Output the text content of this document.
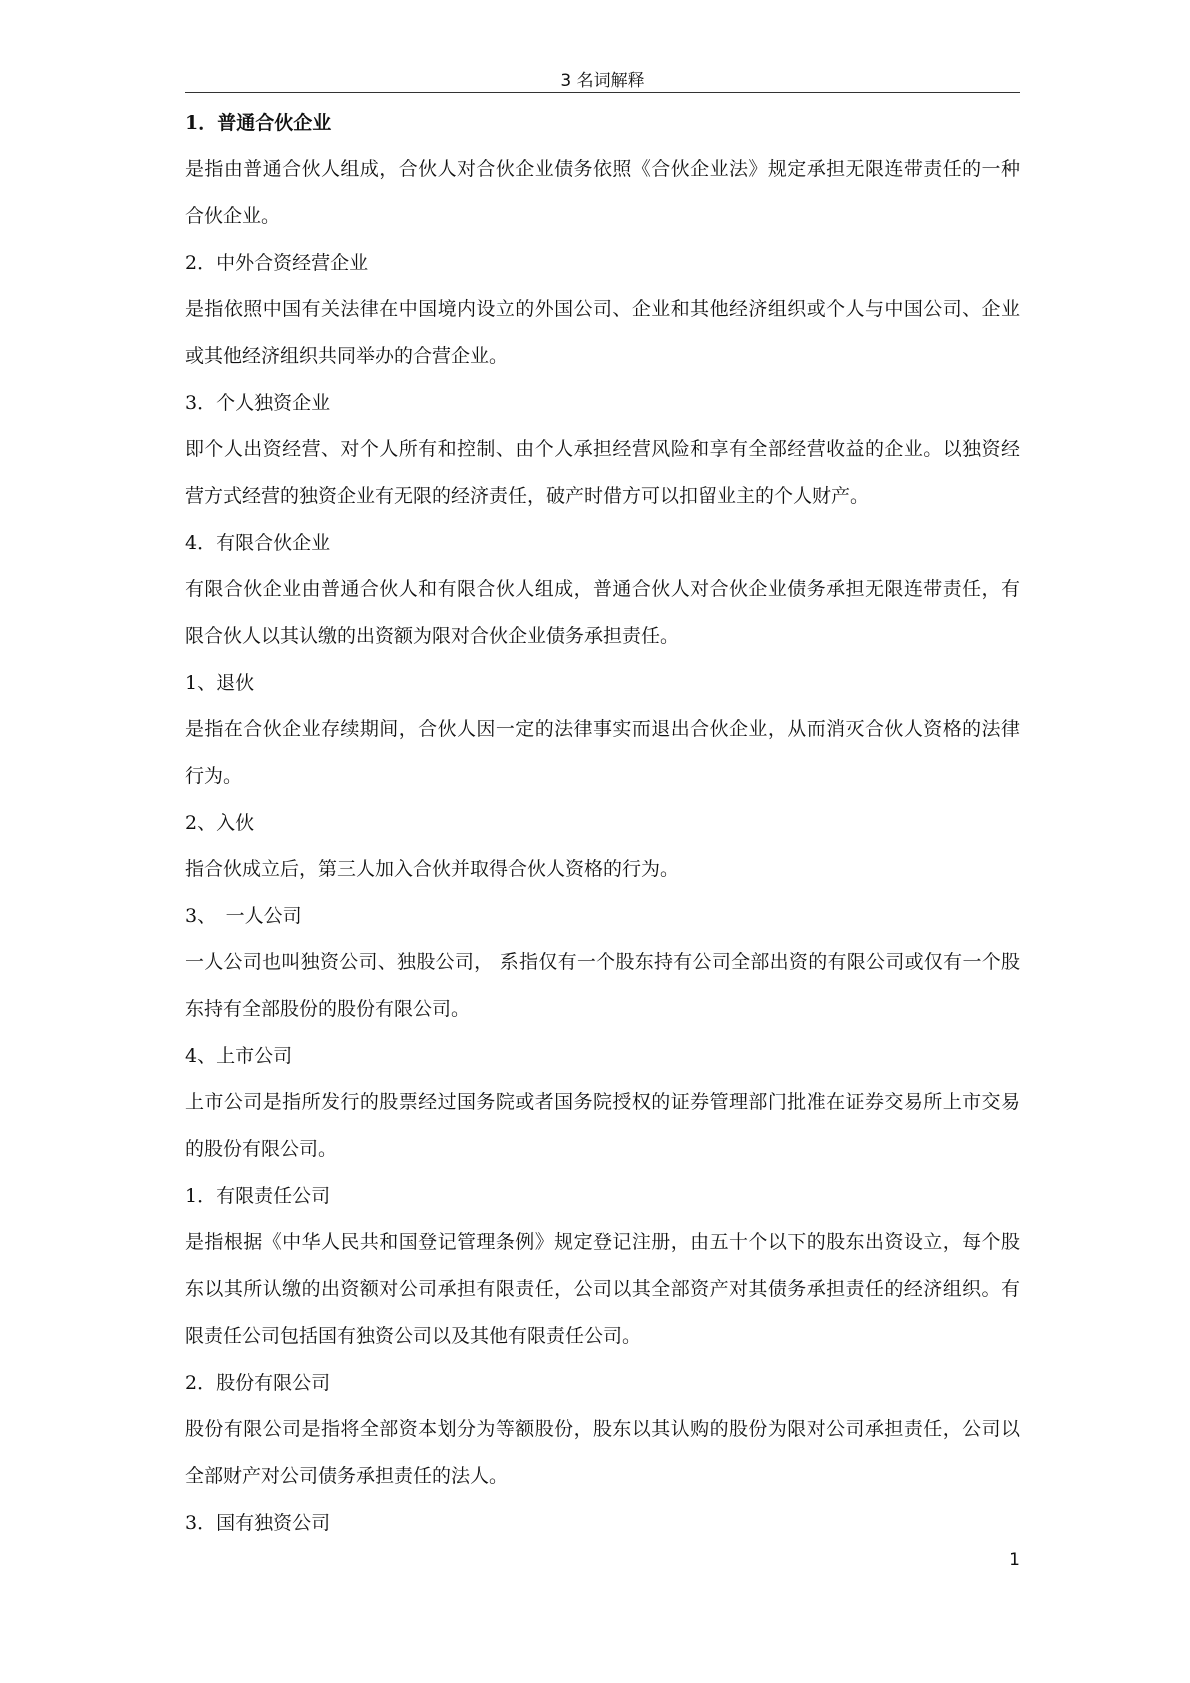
3 名词解释
1．普通合伙企业
是指由普通合伙人组成，合伙人对合伙企业债务依照《合伙企业法》规定承担无限连带责任的一种合伙企业。
2．中外合资经营企业
是指依照中国有关法律在中国境内设立的外国公司、企业和其他经济组织或个人与中国公司、企业或其他经济组织共同举办的合营企业。
3．个人独资企业
即个人出资经营、对个人所有和控制、由个人承担经营风险和享有全部经营收益的企业。以独资经营方式经营的独资企业有无限的经济责任，破产时借方可以扣留业主的个人财产。
4．有限合伙企业
有限合伙企业由普通合伙人和有限合伙人组成，普通合伙人对合伙企业债务承担无限连带责任，有限合伙人以其认缴的出资额为限对合伙企业债务承担责任。
1、退伙
是指在合伙企业存续期间，合伙人因一定的法律事实而退出合伙企业，从而消灭合伙人资格的法律行为。
2、入伙
指合伙成立后，第三人加入合伙并取得合伙人资格的行为。
3、　一人公司
一人公司也叫独资公司、独股公司， 系指仅有一个股东持有公司全部出资的有限公司或仅有一个股东持有全部股份的股份有限公司。
4、上市公司
上市公司是指所发行的股票经过国务院或者国务院授权的证券管理部门批准在证券交易所上市交易的股份有限公司。
1．有限责任公司
是指根据《中华人民共和国登记管理条例》规定登记注册，由五十个以下的股东出资设立，每个股东以其所认缴的出资额对公司承担有限责任，公司以其全部资产对其债务承担责任的经济组织。有限责任公司包括国有独资公司以及其他有限责任公司。
2．股份有限公司
股份有限公司是指将全部资本划分为等额股份，股东以其认购的股份为限对公司承担责任，公司以全部财产对公司债务承担责任的法人。
3．国有独资公司
1
